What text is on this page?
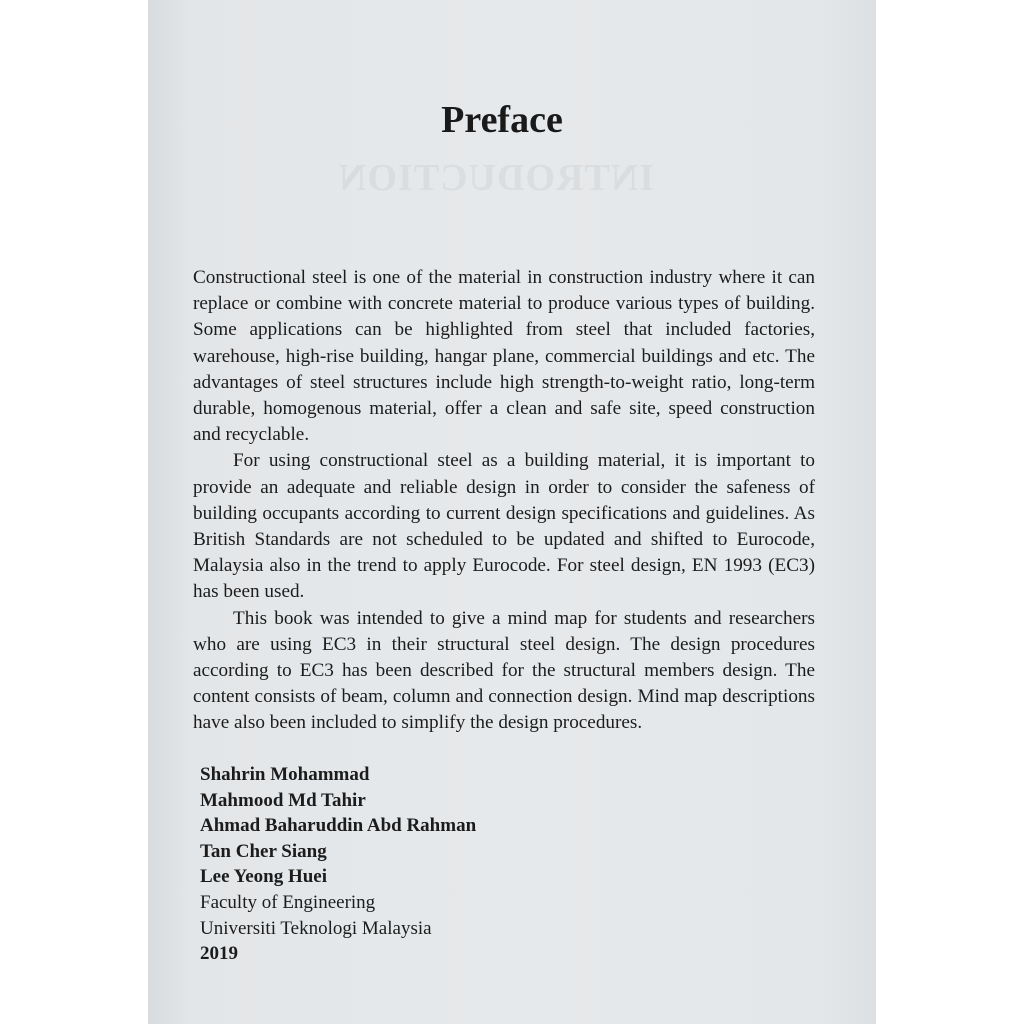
INTRODUCTION
Preface

Constructional steel is one of the material in construction industry where it can replace or combine with concrete material to produce various types of building. Some applications can be highlighted from steel that included factories, warehouse, high-rise building, hangar plane, commercial buildings and etc. The advantages of steel structures include high strength-to-weight ratio, long-term durable, homogenous material, offer a clean and safe site, speed construction and recyclable.

For using constructional steel as a building material, it is important to provide an adequate and reliable design in order to consider the safeness of building occupants according to current design specifications and guidelines. As British Standards are not scheduled to be updated and shifted to Eurocode, Malaysia also in the trend to apply Eurocode. For steel design, EN 1993 (EC3) has been used.

This book was intended to give a mind map for students and researchers who are using EC3 in their structural steel design. The design procedures according to EC3 has been described for the structural members design. The content consists of beam, column and connection design. Mind map descriptions have also been included to simplify the design procedures.

Shahrin Mohammad
Mahmood Md Tahir
Ahmad Baharuddin Abd Rahman
Tan Cher Siang
Lee Yeong Huei
Faculty of Engineering
Universiti Teknologi Malaysia
2019
